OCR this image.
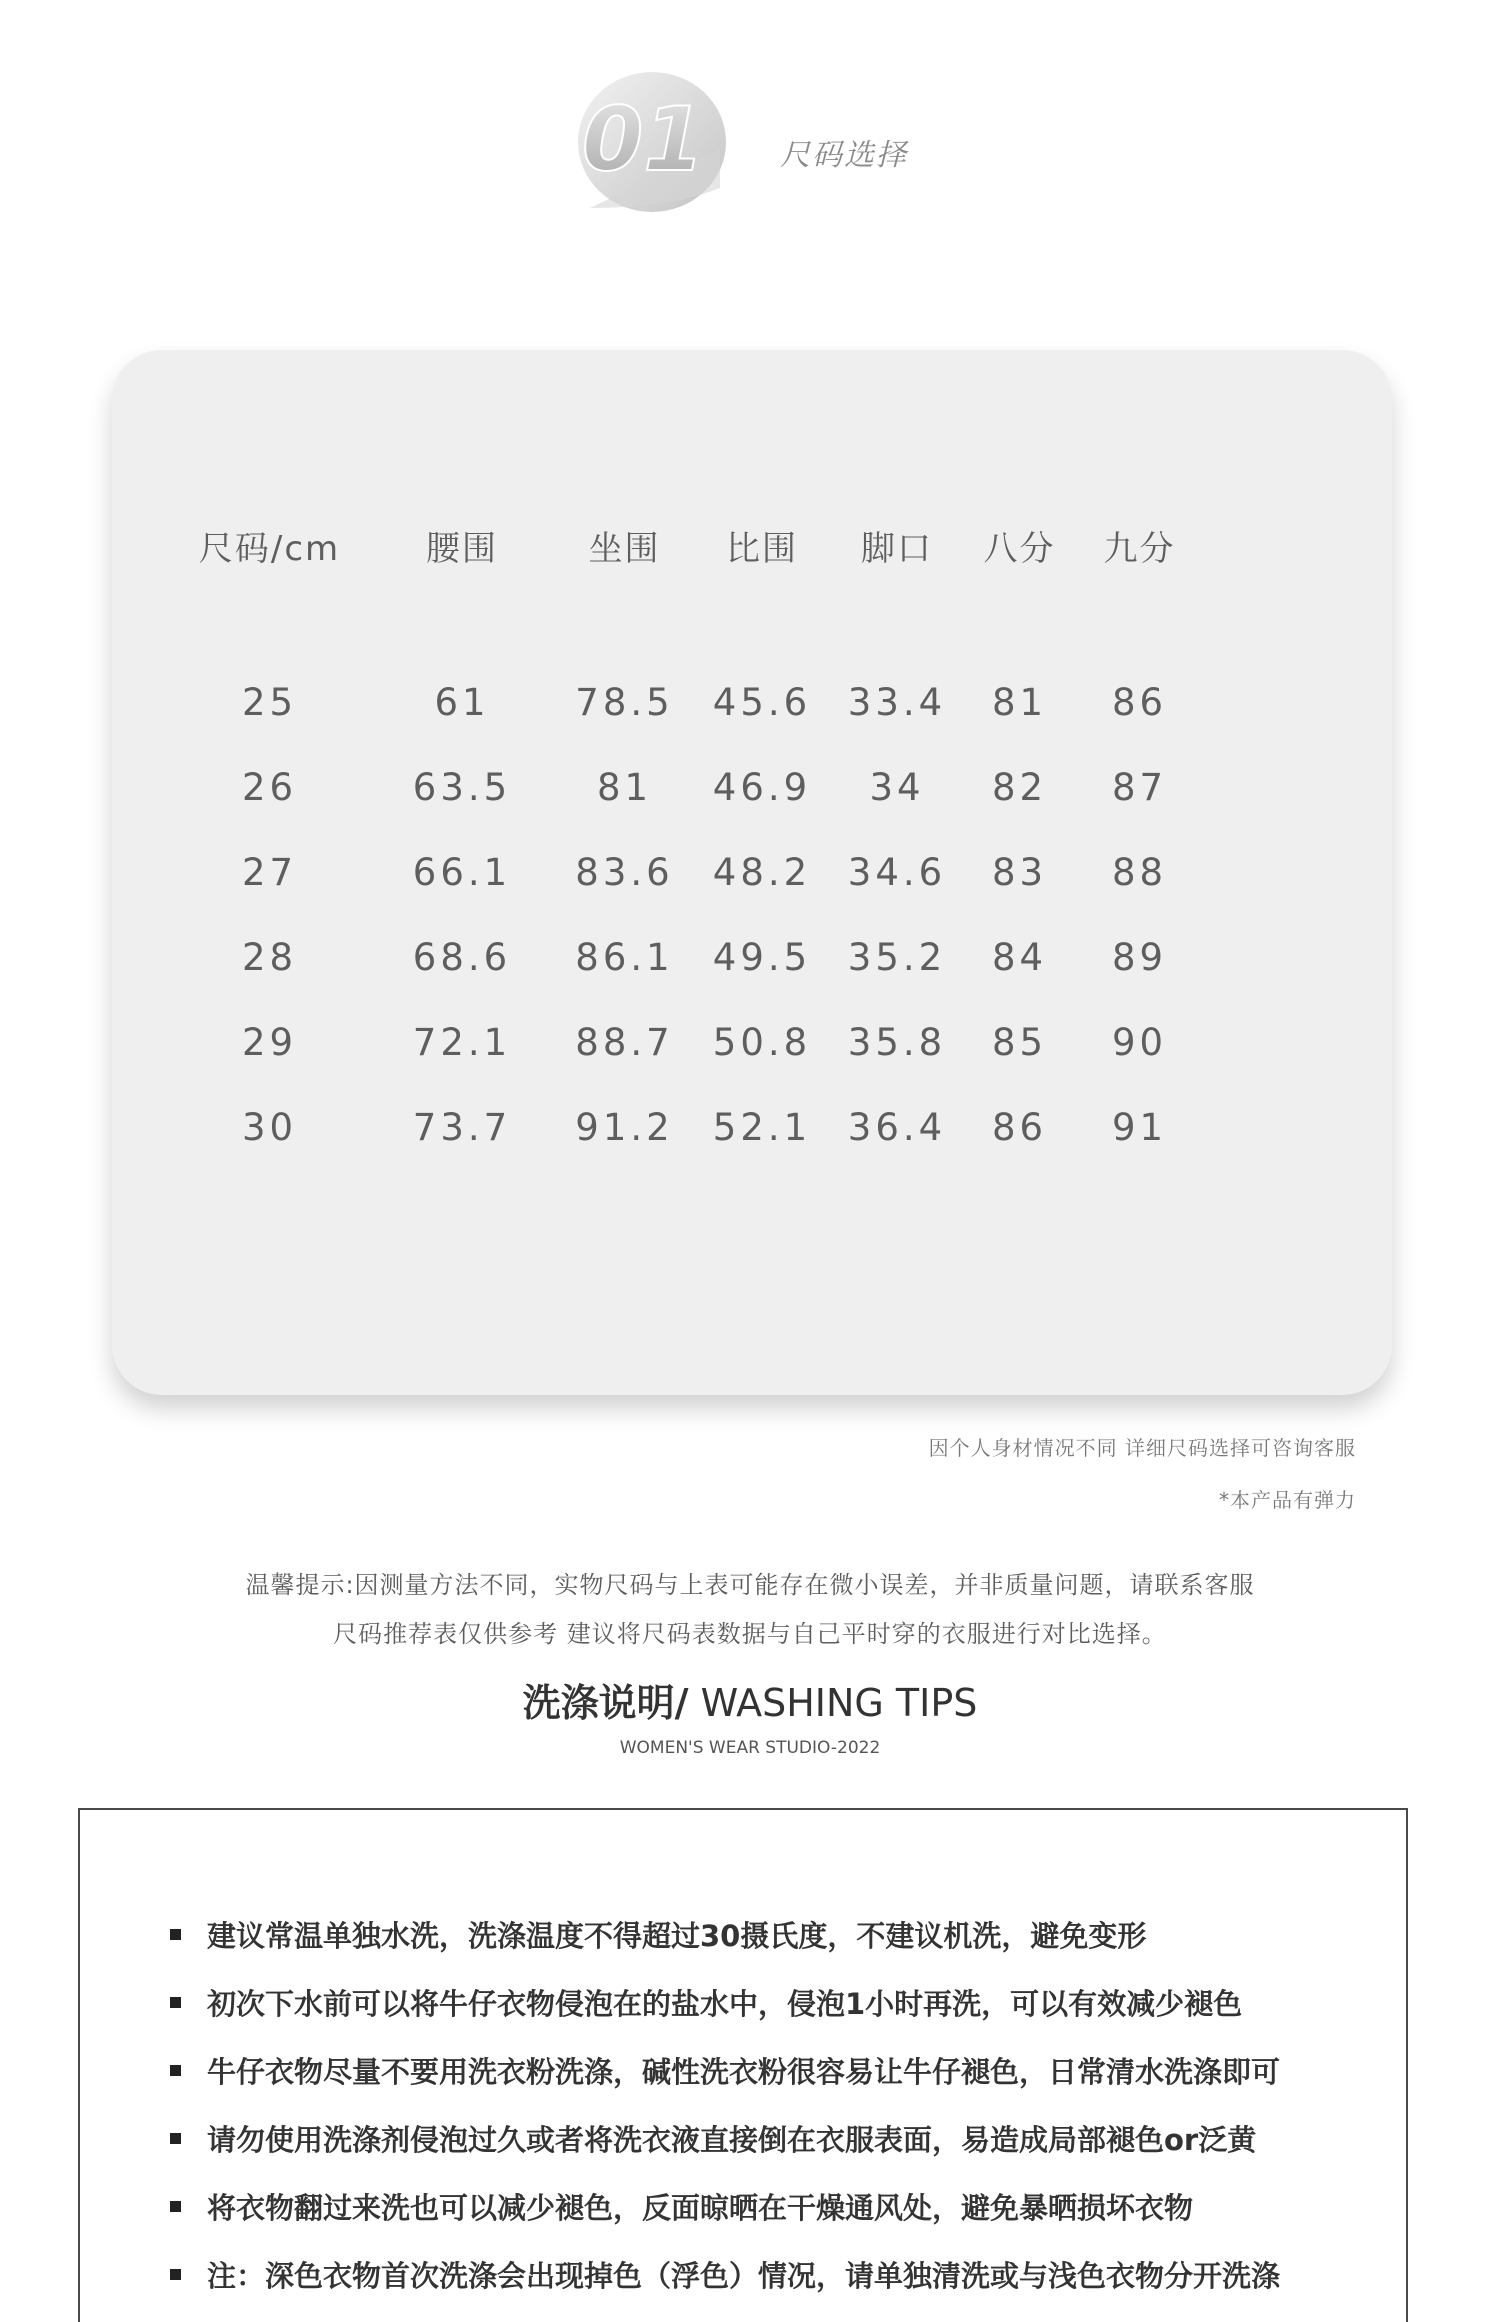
01	尺码选择
尺码/cm	腰围	坐围	比围	脚口	八分	九分

25	61	78.5	45.6	33.4	81	86
26	63.5	81	46.9	34	82	87
27	66.1	83.6	48.2	34.6	83	88
28	68.6	86.1	49.5	35.2	84	89
29	72.1	88.7	50.8	35.8	85	90
30	73.7	91.2	52.1	36.4	86	91
因个人身材情况不同 详细尺码选择可咨询客服
*本产品有弹力
温馨提示:因测量方法不同，实物尺码与上表可能存在微小误差，并非质量问题，请联系客服
尺码推荐表仅供参考 建议将尺码表数据与自己平时穿的衣服进行对比选择。
洗涤说明/ WASHING TIPS
WOMEN'S WEAR STUDIO-2022
建议常温单独水洗，洗涤温度不得超过30摄氏度，不建议机洗，避免变形
初次下水前可以将牛仔衣物侵泡在的盐水中，侵泡1小时再洗，可以有效减少褪色
牛仔衣物尽量不要用洗衣粉洗涤，碱性洗衣粉很容易让牛仔褪色，日常清水洗涤即可
请勿使用洗涤剂侵泡过久或者将洗衣液直接倒在衣服表面，易造成局部褪色or泛黄
将衣物翻过来洗也可以减少褪色，反面晾晒在干燥通风处，避免暴晒损坏衣物
注：深色衣物首次洗涤会出现掉色（浮色）情况，请单独清洗或与浅色衣物分开洗涤
